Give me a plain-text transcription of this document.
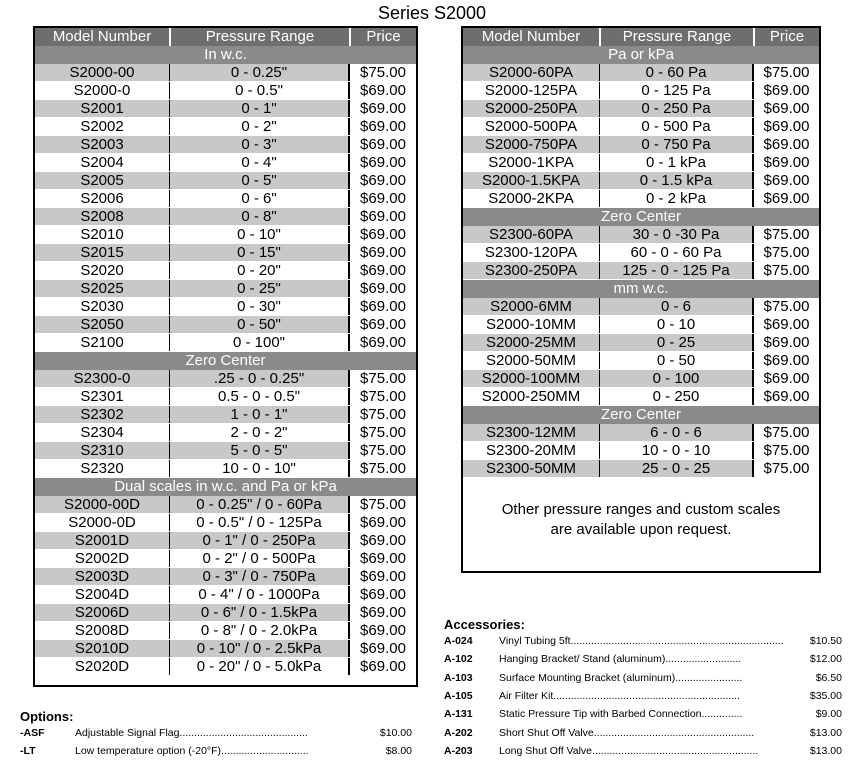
Series S2000
Model Number	Pressure Range	Price
In w.c.
S2000-00	0 - 0.25"	$75.00
S2000-0	0 - 0.5"	$69.00
S2001	0 - 1"	$69.00
S2002	0 - 2"	$69.00
S2003	0 - 3"	$69.00
S2004	0 - 4"	$69.00
S2005	0 - 5"	$69.00
S2006	0 - 6"	$69.00
S2008	0 - 8"	$69.00
S2010	0 - 10"	$69.00
S2015	0 - 15"	$69.00
S2020	0 - 20"	$69.00
S2025	0 - 25"	$69.00
S2030	0 - 30"	$69.00
S2050	0 - 50"	$69.00
S2100	0 - 100"	$69.00
Zero Center
S2300-0	.25 - 0 - 0.25"	$75.00
S2301	0.5 - 0 - 0.5"	$75.00
S2302	1 - 0 - 1"	$75.00
S2304	2 - 0 - 2"	$75.00
S2310	5 - 0 - 5"	$75.00
S2320	10 - 0 - 10"	$75.00
Dual scales in w.c. and Pa or kPa
S2000-00D	0 - 0.25" / 0 - 60Pa	$75.00
S2000-0D	0 - 0.5" / 0 - 125Pa	$69.00
S2001D	0 - 1" / 0 - 250Pa	$69.00
S2002D	0 - 2" / 0 - 500Pa	$69.00
S2003D	0 - 3" / 0 - 750Pa	$69.00
S2004D	0 - 4" / 0 - 1000Pa	$69.00
S2006D	0 - 6" / 0 - 1.5kPa	$69.00
S2008D	0 - 8" / 0 - 2.0kPa	$69.00
S2010D	0 - 10" / 0 - 2.5kPa	$69.00
S2020D	0 - 20" / 0 - 5.0kPa	$69.00
Model Number	Pressure Range	Price
Pa or kPa
S2000-60PA	0 - 60 Pa	$75.00
S2000-125PA	0 - 125 Pa	$69.00
S2000-250PA	0 - 250 Pa	$69.00
S2000-500PA	0 - 500 Pa	$69.00
S2000-750PA	0 - 750 Pa	$69.00
S2000-1KPA	0 - 1 kPa	$69.00
S2000-1.5KPA	0 - 1.5 kPa	$69.00
S2000-2KPA	0 - 2 kPa	$69.00
Zero Center
S2300-60PA	30 - 0 -30 Pa	$75.00
S2300-120PA	60 - 0 - 60 Pa	$75.00
S2300-250PA	125 - 0 - 125 Pa	$75.00
mm w.c.
S2000-6MM	0 - 6	$75.00
S2000-10MM	0 - 10	$69.00
S2000-25MM	0 - 25	$69.00
S2000-50MM	0 - 50	$69.00
S2000-100MM	0 - 100	$69.00
S2000-250MM	0 - 250	$69.00
Zero Center
S2300-12MM	6 - 0 - 6	$75.00
S2300-20MM	10 - 0 - 10	$75.00
S2300-50MM	25 - 0 - 25	$75.00
Other pressure ranges and custom scales
are available upon request.
Accessories:
A-024	Vinyl Tubing 5ft.........................................................................	$10.50
A-102	Hanging Bracket/ Stand (aluminum)..........................	$12.00
A-103	Surface Mounting Bracket (aluminum).......................	$6.50
A-105	Air Filter Kit................................................................	$35.00
A-131	Static Pressure Tip with Barbed Connection..............	$9.00
A-202	Short Shut Off Valve.......................................................	$13.00
A-203	Long Shut Off Valve.........................................................	$13.00
Options:
-ASF	Adjustable Signal Flag............................................	$10.00
-LT	Low temperature option (-20°F)..............................	$8.00
